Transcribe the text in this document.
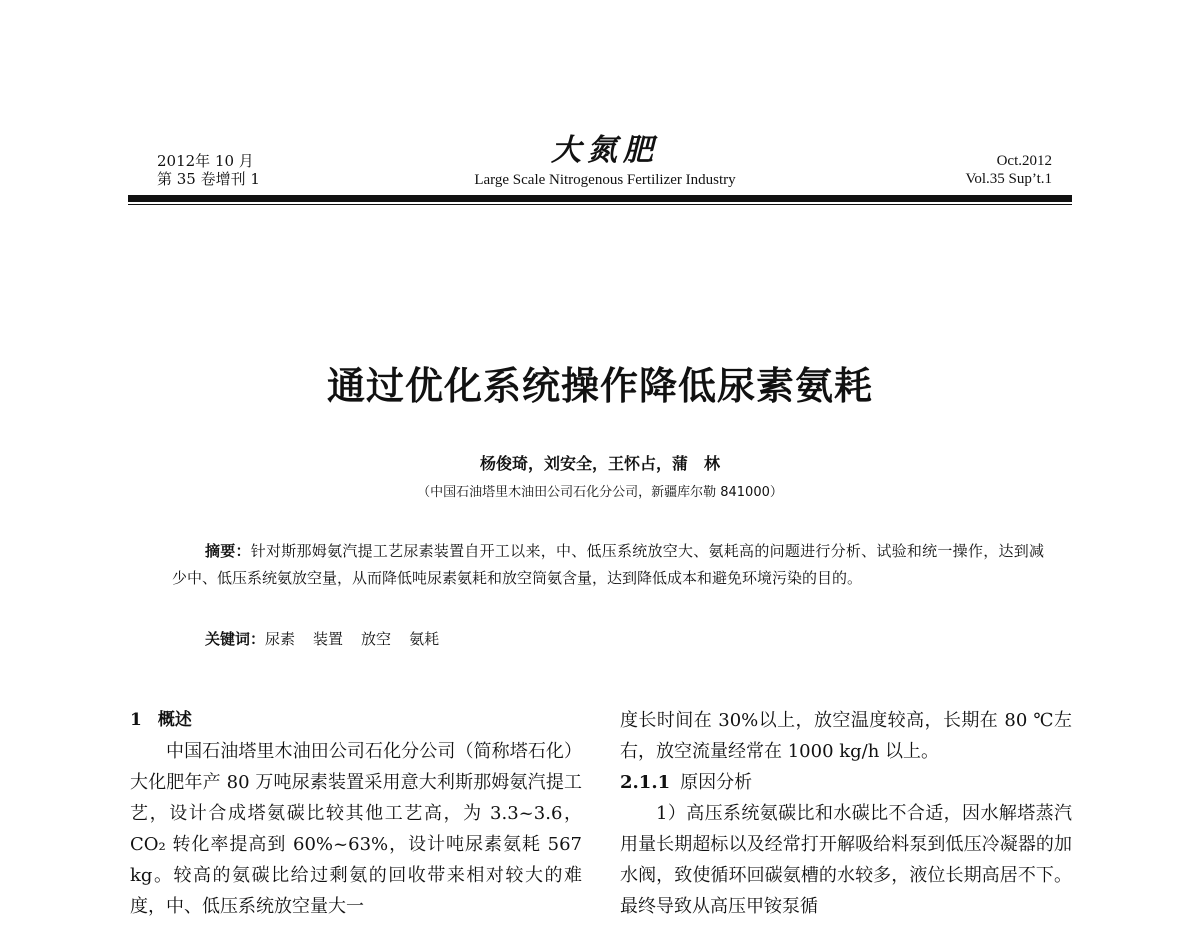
2012年 10 月
第 35 卷增刊 1
大氮肥
Large Scale Nitrogenous Fertilizer Industry
Oct.2012
Vol.35 Sup’t.1
通过优化系统操作降低尿素氨耗
杨俊琦，刘安全，王怀占，蒲　林
（中国石油塔里木油田公司石化分公司，新疆库尔勒 841000）
摘要：针对斯那姆氨汽提工艺尿素装置自开工以来，中、低压系统放空大、氨耗高的问题进行分析、试验和统一操作，达到减少中、低压系统氨放空量，从而降低吨尿素氨耗和放空筒氨含量，达到降低成本和避免环境污染的目的。
关键词：尿素 装置 放空 氨耗
1 概述
中国石油塔里木油田公司石化分公司（简称塔石化）大化肥年产 80 万吨尿素装置采用意大利斯那姆氨汽提工艺，设计合成塔氨碳比较其他工艺高，为 3.3~3.6，CO₂ 转化率提高到 60%~63%，设计吨尿素氨耗 567 kg。较高的氨碳比给过剩氨的回收带来相对较大的难度，中、低压系统放空量大一
度长时间在 30%以上，放空温度较高，长期在 80 ℃左右，放空流量经常在 1000 kg/h 以上。
2.1.1 原因分析
1）高压系统氨碳比和水碳比不合适，因水解塔蒸汽用量长期超标以及经常打开解吸给料泵到低压冷凝器的加水阀，致使循环回碳氨槽的水较多，液位长期高居不下。最终导致从高压甲铵泵循
